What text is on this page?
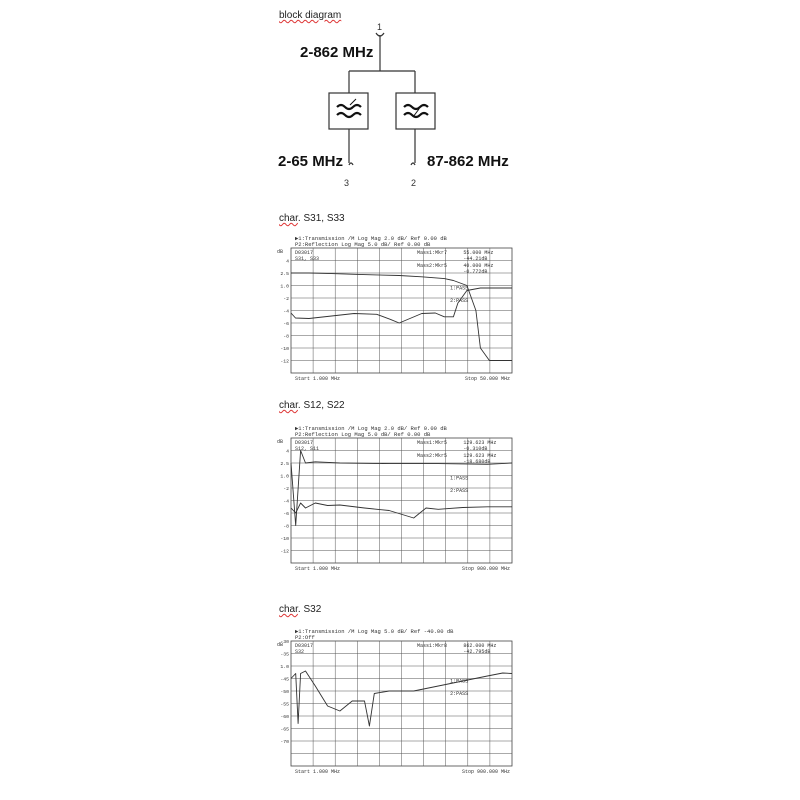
block diagram
1
2-862 MHz
2-65 MHz	87-862 MHz
3	2
char. S31, S33
char. S12, S22
char. S32
▶1:Transmission /M Log Mag 2.0 dB/ Ref 0.00 dB
P2:Reflection Log Mag 5.0 dB/ Ref 0.00 dB
dB
4
2.5
1.0
-2
-4
-6
-8
-10
-12
D03017
S31, S33
Mass1:Mkr7	55.000 MHz
-44.21dB
Mass2:Mkr5	40.000 MHz
-0.772dB
1:PASS
2:PASS
Start 1.000 MHz	Stop 50.000 MHz
▶1:Transmission /M Log Mag 2.0 dB/ Ref 0.00 dB
P2:Reflection Log Mag 5.0 dB/ Ref 0.00 dB
dB
4
2.5
1.0
-2
-4
-6
-8
-10
-12
D03017
S12, S11
Mass1:Mkr5	129.623 MHz
-0.310dB
Mass2:Mkr5	129.623 MHz
-18.680dB
1:PASS
2:PASS
Start 1.000 MHz	Stop 900.000 MHz
▶1:Transmission /M Log Mag 5.0 dB/ Ref -40.00 dB
P2:Off
dB
-30
-35
1.0
-45
-50
-55
-60
-65
-70
D03017
S32
Mass1:Mkr8	862.000 MHz
-42.795dB
1:PASS
2:PASS
Start 1.000 MHz	Stop 900.000 MHz
